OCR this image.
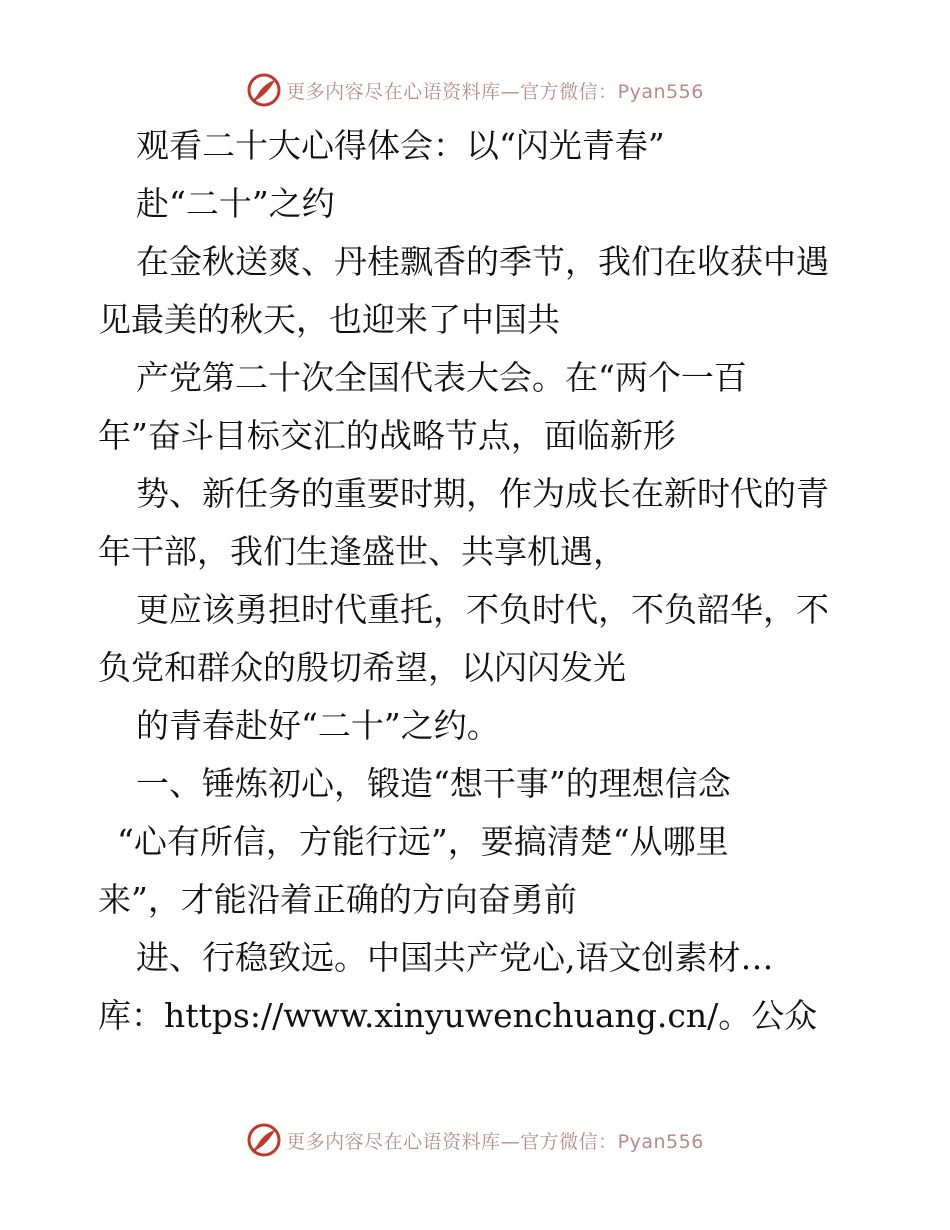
更多内容尽在心语资料库—官方微信：Pyan556
观看二十大心得体会：以“闪光青春”
赴“二十”之约
在金秋送爽、丹桂飘香的季节，我们在收获中遇
见最美的秋天，也迎来了中国共
产党第二十次全国代表大会。在“两个一百
年”奋斗目标交汇的战略节点，面临新形
势、新任务的重要时期，作为成长在新时代的青
年干部，我们生逢盛世、共享机遇，
更应该勇担时代重托，不负时代，不负韶华，不
负党和群众的殷切希望，以闪闪发光
的青春赴好“二十”之约。
一、锤炼初心，锻造“想干事”的理想信念
“心有所信，方能行远”，要搞清楚“从哪里
来”，才能沿着正确的方向奋勇前
进、行稳致远。中国共产党心,语文创素材…
库：https://www.xinyuwenchuang.cn/。公众
更多内容尽在心语资料库—官方微信：Pyan556
